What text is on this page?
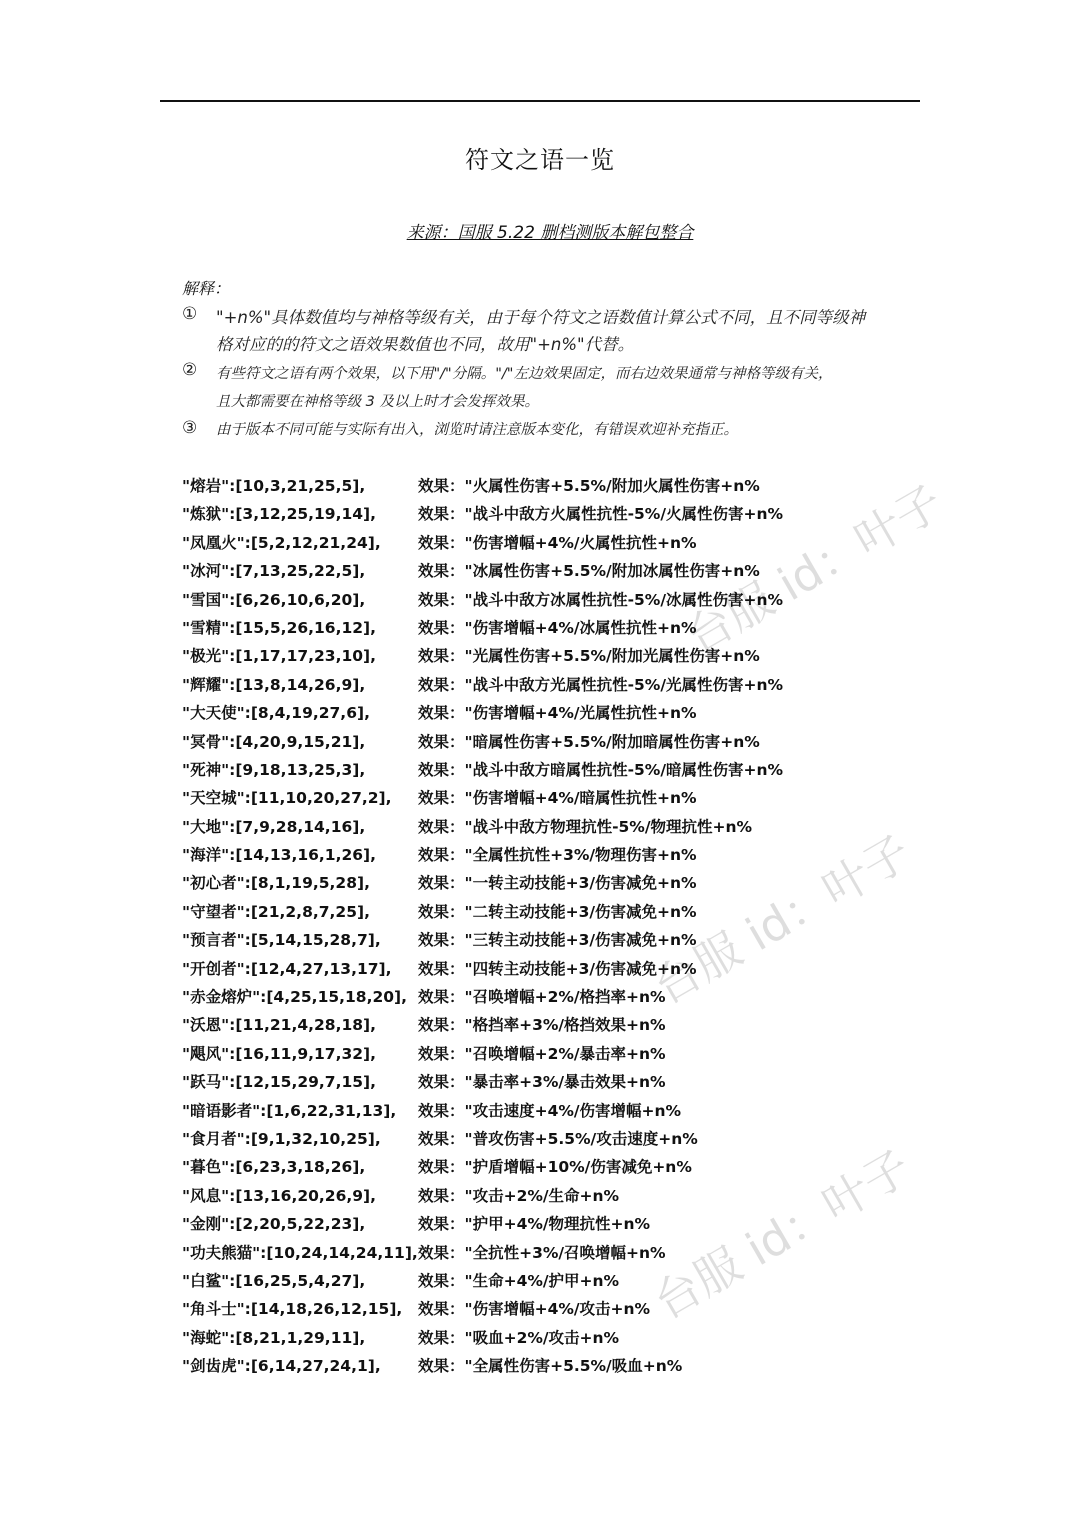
符文之语一览
来源：国服 5.22 删档测版本解包整合
解释：
① "+n%"具体数值均与神格等级有关，由于每个符文之语数值计算公式不同，且不同等级神
格对应的的符文之语效果数值也不同，故用"+n%"代替。
② 有些符文之语有两个效果，以下用"/"分隔。"/"左边效果固定，而右边效果通常与神格等级有关，
且大都需要在神格等级 3 及以上时才会发挥效果。
③ 由于版本不同可能与实际有出入，浏览时请注意版本变化，有错误欢迎补充指正。
"熔岩":[10,3,21,25,5],	效果："火属性伤害+5.5%/附加火属性伤害+n%
"炼狱":[3,12,25,19,14],	效果："战斗中敌方火属性抗性-5%/火属性伤害+n%
"凤凰火":[5,2,12,21,24], 效果："伤害增幅+4%/火属性抗性+n%
"冰河":[7,13,25,22,5],	效果："冰属性伤害+5.5%/附加冰属性伤害+n%
"雪国":[6,26,10,6,20],	效果："战斗中敌方冰属性抗性-5%/冰属性伤害+n%
"雪精":[15,5,26,16,12],	效果："伤害增幅+4%/冰属性抗性+n%
"极光":[1,17,17,23,10],	效果："光属性伤害+5.5%/附加光属性伤害+n%
"辉耀":[13,8,14,26,9],	效果："战斗中敌方光属性抗性-5%/光属性伤害+n%
"大天使":[8,4,19,27,6],	效果："伤害增幅+4%/光属性抗性+n%
"冥骨":[4,20,9,15,21],	效果："暗属性伤害+5.5%/附加暗属性伤害+n%
"死神":[9,18,13,25,3],	效果："战斗中敌方暗属性抗性-5%/暗属性伤害+n%
"天空城":[11,10,20,27,2], 效果："伤害增幅+4%/暗属性抗性+n%
"大地":[7,9,28,14,16],	效果："战斗中敌方物理抗性-5%/物理抗性+n%
"海洋":[14,13,16,1,26],	效果："全属性抗性+3%/物理伤害+n%
"初心者":[8,1,19,5,28],	效果："一转主动技能+3/伤害减免+n%
"守望者":[21,2,8,7,25],	效果："二转主动技能+3/伤害减免+n%
"预言者":[5,14,15,28,7], 效果："三转主动技能+3/伤害减免+n%
"开创者":[12,4,27,13,17], 效果："四转主动技能+3/伤害减免+n%
"赤金熔炉":[4,25,15,18,20], 效果："召唤增幅+2%/格挡率+n%
"沃恩":[11,21,4,28,18],	效果："格挡率+3%/格挡效果+n%
"飓风":[16,11,9,17,32],	效果："召唤增幅+2%/暴击率+n%
"跃马":[12,15,29,7,15],	效果："暴击率+3%/暴击效果+n%
"暗语影者":[1,6,22,31,13], 效果："攻击速度+4%/伤害增幅+n%
"食月者":[9,1,32,10,25], 效果："普攻伤害+5.5%/攻击速度+n%
"暮色":[6,23,3,18,26],	效果："护盾增幅+10%/伤害减免+n%
"风息":[13,16,20,26,9],	效果："攻击+2%/生命+n%
"金刚":[2,20,5,22,23],	效果："护甲+4%/物理抗性+n%
"功夫熊猫":[10,24,14,24,11], 效果："全抗性+3%/召唤增幅+n%
"白鲨":[16,25,5,4,27],	效果："生命+4%/护甲+n%
"角斗士":[14,18,26,12,15], 效果："伤害增幅+4%/攻击+n%
"海蛇":[8,21,1,29,11],	效果："吸血+2%/攻击+n%
"剑齿虎":[6,14,27,24,1], 效果："全属性伤害+5.5%/吸血+n%
台服 id：叶子
台服 id：叶子
台服 id：叶子
